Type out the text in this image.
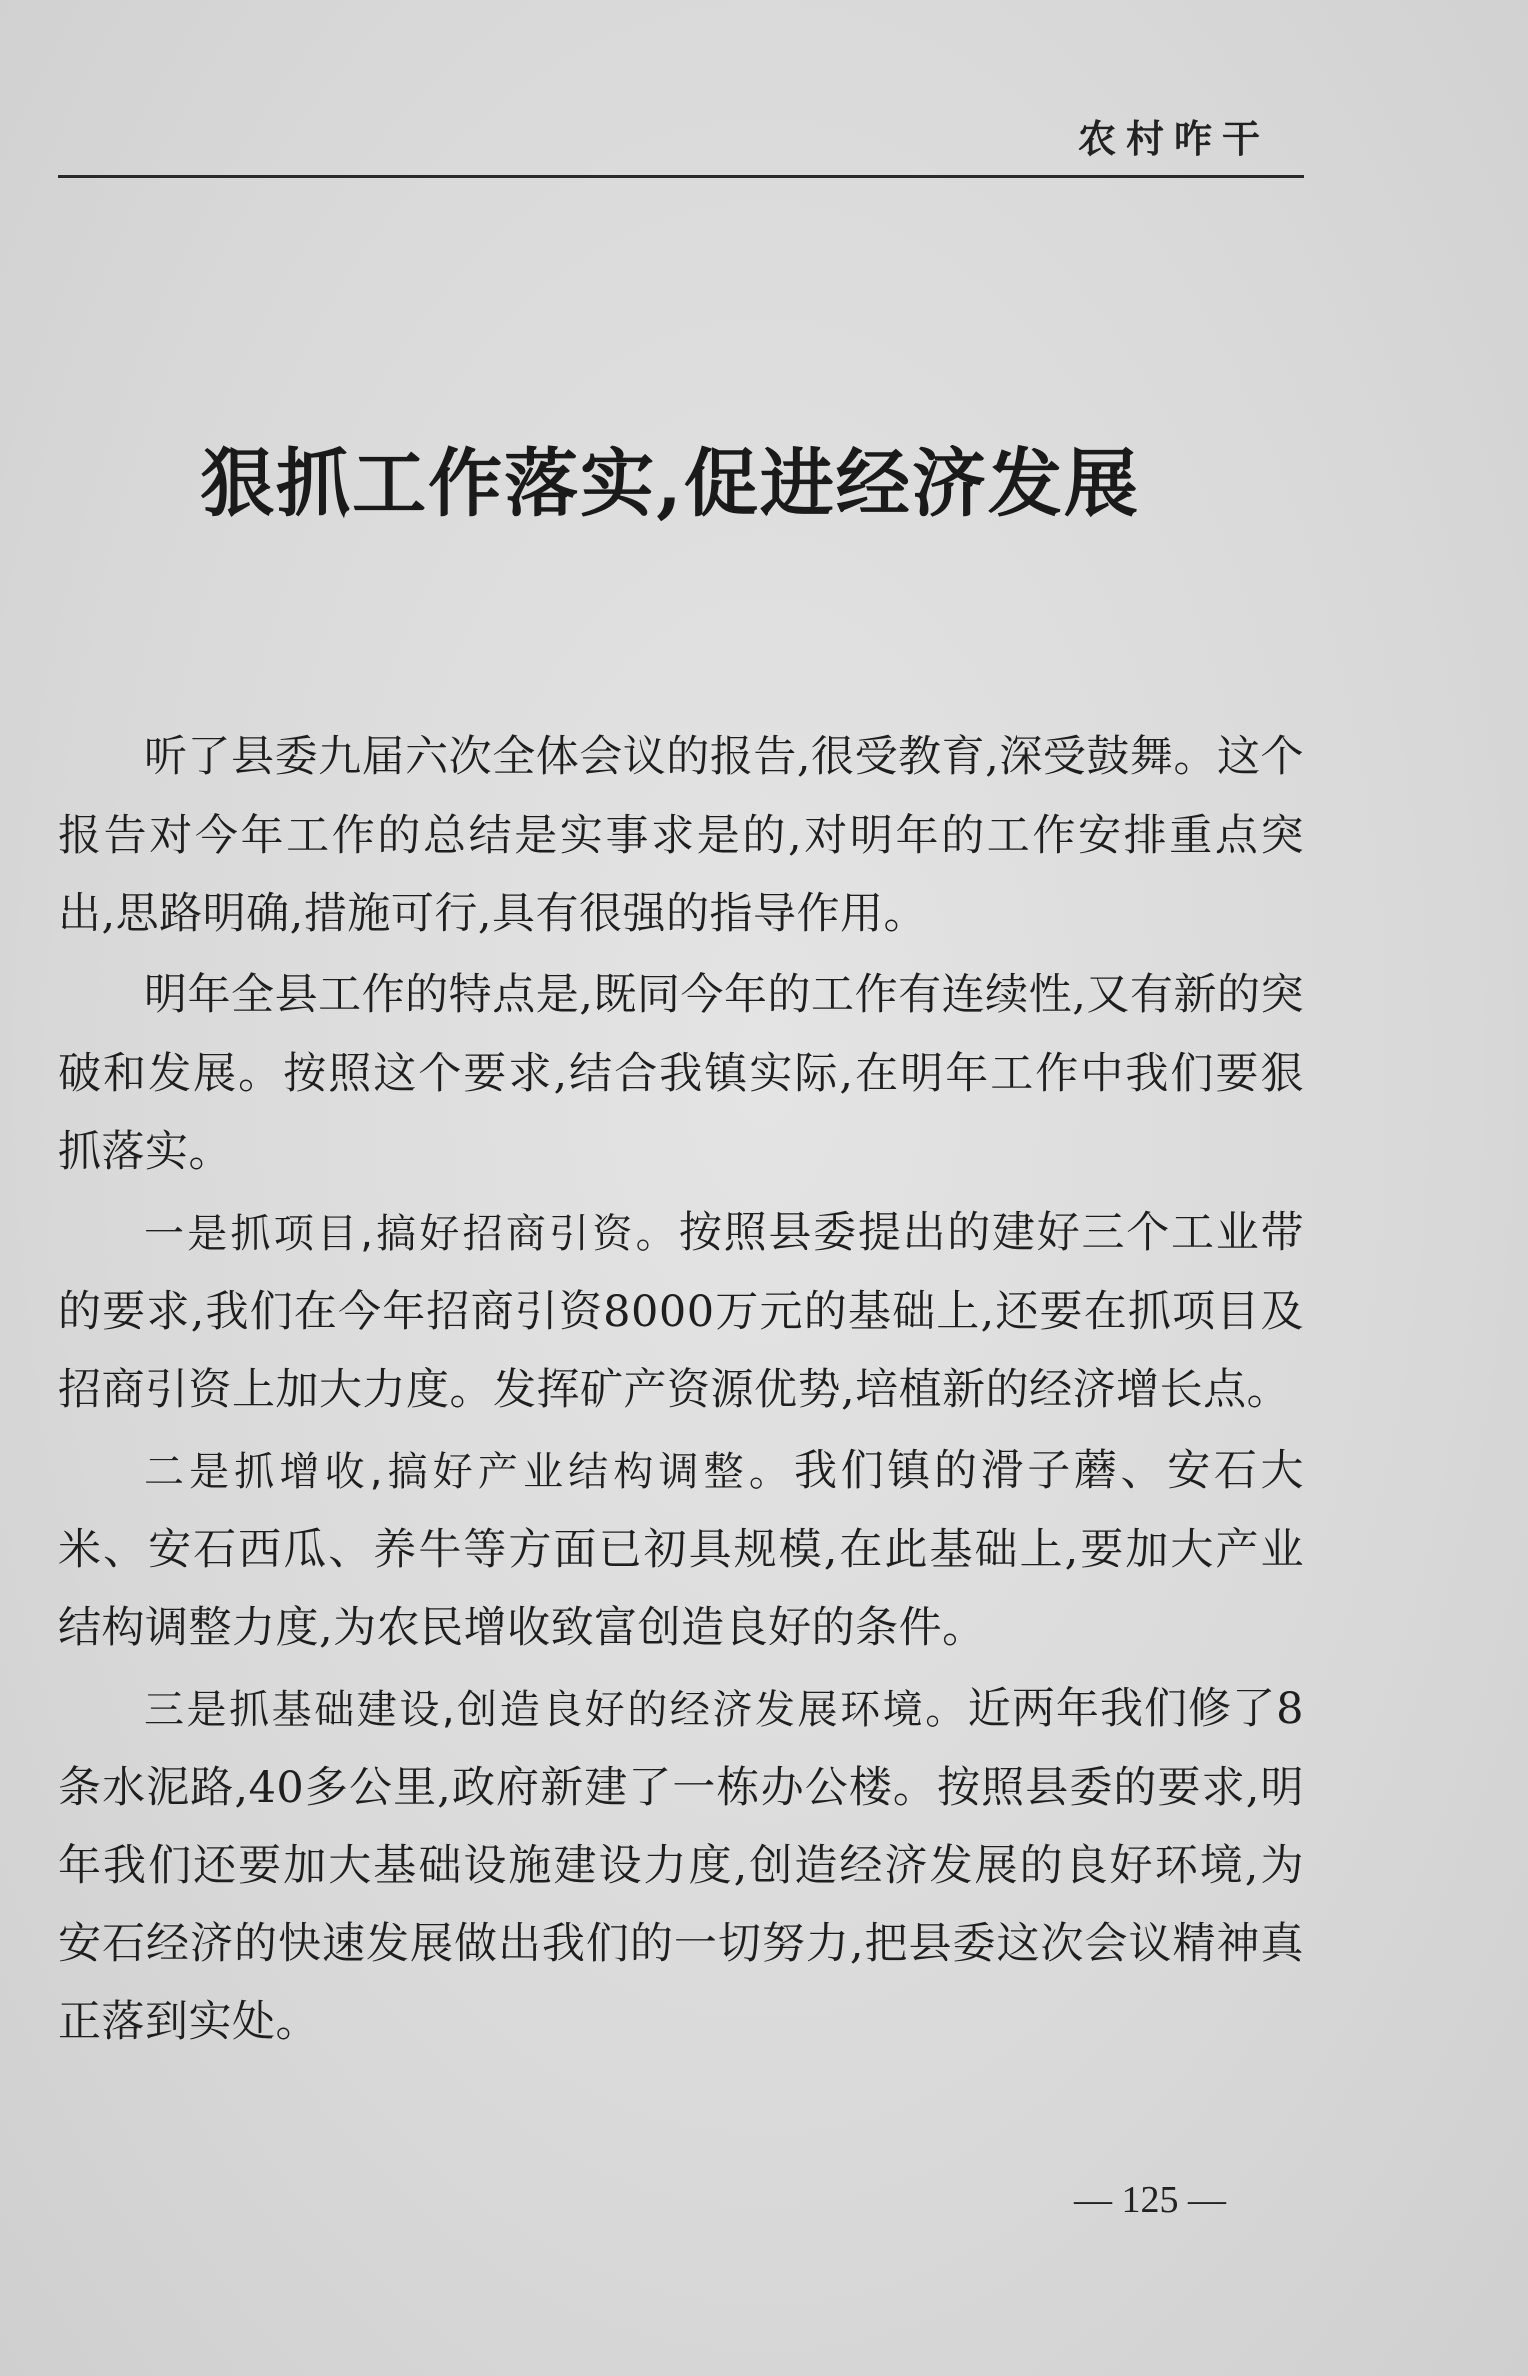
农村咋干
狠抓工作落实,促进经济发展

听了县委九届六次全体会议的报告,很受教育,深受鼓舞。这个报告对今年工作的总结是实事求是的,对明年的工作安排重点突出,思路明确,措施可行,具有很强的指导作用。

明年全县工作的特点是,既同今年的工作有连续性,又有新的突破和发展。按照这个要求,结合我镇实际,在明年工作中我们要狠抓落实。

一是抓项目,搞好招商引资。按照县委提出的建好三个工业带的要求,我们在今年招商引资8000万元的基础上,还要在抓项目及招商引资上加大力度。发挥矿产资源优势,培植新的经济增长点。

二是抓增收,搞好产业结构调整。我们镇的滑子蘑、安石大米、安石西瓜、养牛等方面已初具规模,在此基础上,要加大产业结构调整力度,为农民增收致富创造良好的条件。

三是抓基础建设,创造良好的经济发展环境。近两年我们修了8条水泥路,40多公里,政府新建了一栋办公楼。按照县委的要求,明年我们还要加大基础设施建设力度,创造经济发展的良好环境,为安石经济的快速发展做出我们的一切努力,把县委这次会议精神真正落到实处。

— 125 —
